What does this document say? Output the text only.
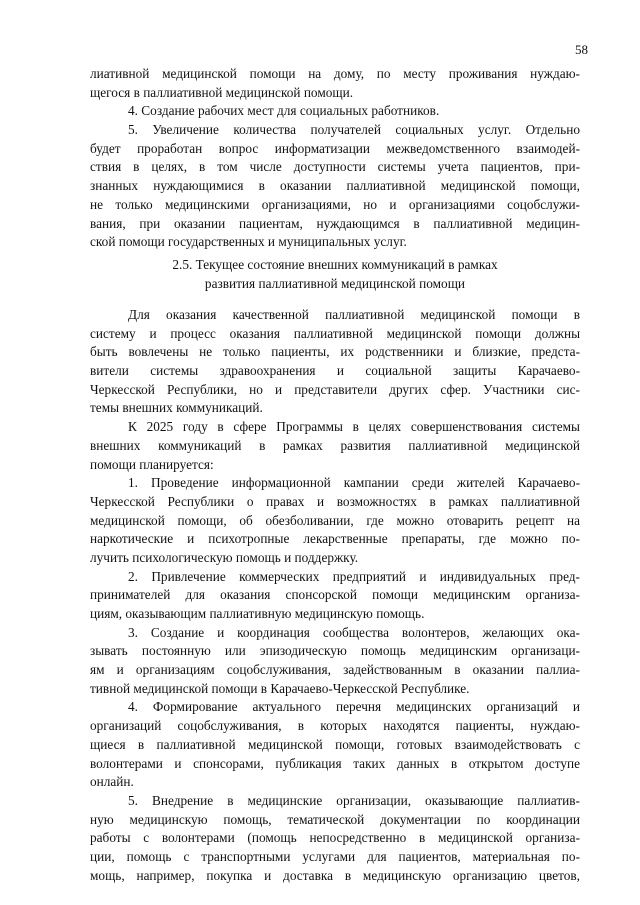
58
лиативной медицинской помощи на дому, по месту проживания нуждаю-
щегося в паллиативной медицинской помощи.
4. Создание рабочих мест для социальных работников.
5. Увеличение количества получателей социальных услуг. Отдельно
будет проработан вопрос информатизации межведомственного взаимодей-
ствия в целях, в том числе доступности системы учета пациентов, при-
знанных нуждающимися в оказании паллиативной медицинской помощи,
не только медицинскими организациями, но и организациями соцобслужи-
вания, при оказании пациентам, нуждающимся в паллиативной медицин-
ской помощи государственных и муниципальных услуг.
2.5. Текущее состояние внешних коммуникаций в рамках
развития паллиативной медицинской помощи
Для оказания качественной паллиативной медицинской помощи в
систему и процесс оказания паллиативной медицинской помощи должны
быть вовлечены не только пациенты, их родственники и близкие, предста-
вители системы здравоохранения и социальной защиты Карачаево-
Черкесской Республики, но и представители других сфер. Участники сис-
темы внешних коммуникаций.
К 2025 году в сфере Программы в целях совершенствования системы
внешних коммуникаций в рамках развития паллиативной медицинской
помощи планируется:
1. Проведение информационной кампании среди жителей Карачаево-
Черкесской Республики о правах и возможностях в рамках паллиативной
медицинской помощи, об обезболивании, где можно отоварить рецепт на
наркотические и психотропные лекарственные препараты, где можно по-
лучить психологическую помощь и поддержку.
2. Привлечение коммерческих предприятий и индивидуальных пред-
принимателей для оказания спонсорской помощи медицинским организа-
циям, оказывающим паллиативную медицинскую помощь.
3. Создание и координация сообщества волонтеров, желающих ока-
зывать постоянную или эпизодическую помощь медицинским организаци-
ям и организациям соцобслуживания, задействованным в оказании паллиа-
тивной медицинской помощи в Карачаево-Черкесской Республике.
4. Формирование актуального перечня медицинских организаций и
организаций соцобслуживания, в которых находятся пациенты, нуждаю-
щиеся в паллиативной медицинской помощи, готовых взаимодействовать с
волонтерами и спонсорами, публикация таких данных в открытом доступе
онлайн.
5. Внедрение в медицинские организации, оказывающие паллиатив-
ную медицинскую помощь, тематической документации по координации
работы с волонтерами (помощь непосредственно в медицинской организа-
ции, помощь с транспортными услугами для пациентов, материальная по-
мощь, например, покупка и доставка в медицинскую организацию цветов,
